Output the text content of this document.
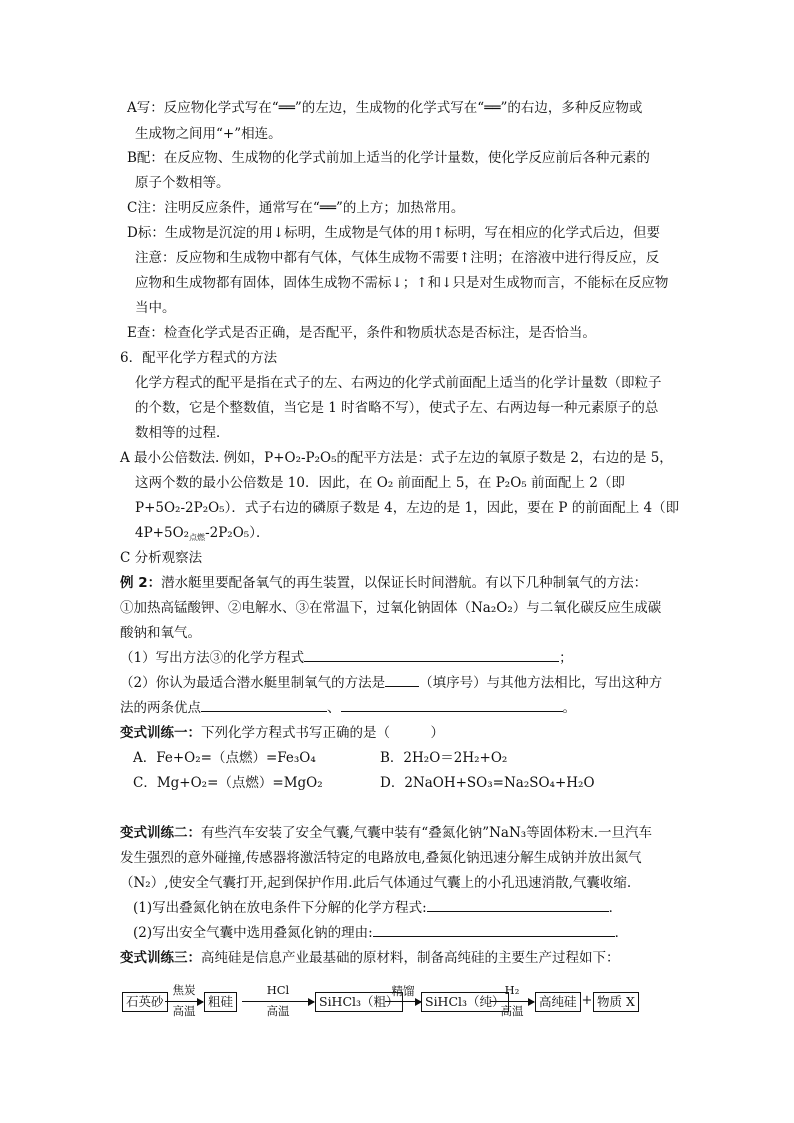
A写：反应物化学式写在“══”的左边，生成物的化学式写在“══”的右边，多种反应物或
生成物之间用“+”相连。
B配：在反应物、生成物的化学式前加上适当的化学计量数，使化学反应前后各种元素的
原子个数相等。
C注：注明反应条件，通常写在“══”的上方；加热常用。
D标：生成物是沉淀的用↓标明，生成物是气体的用↑标明，写在相应的化学式后边，但要
注意：反应物和生成物中都有气体，气体生成物不需要↑注明；在溶液中进行得反应，反
应物和生成物都有固体，固体生成物不需标↓；↑和↓只是对生成物而言，不能标在反应物
当中。
E查：检查化学式是否正确，是否配平，条件和物质状态是否标注，是否恰当。
6．配平化学方程式的方法
化学方程式的配平是指在式子的左、右两边的化学式前面配上适当的化学计量数（即粒子
的个数，它是个整数值，当它是 1 时省略不写），使式子左、右两边每一种元素原子的总
数相等的过程．
A 最小公倍数法. 例如，P+O₂-P₂O₅的配平方法是：式子左边的氧原子数是 2，右边的是 5，
这两个数的最小公倍数是 10．因此，在 O₂ 前面配上 5，在 P₂O₅ 前面配上 2（即
P+5O₂-2P₂O₅）．式子右边的磷原子数是 4，左边的是 1，因此，要在 P 的前面配上 4（即
$4P+5O_2_{点燃}-2P_2O_5$）．
C 分析观察法
例 2：潜水艇里要配备氧气的再生装置，以保证长时间潜航。有以下几种制氧气的方法：
①加热高锰酸钾、②电解水、③在常温下，过氧化钠固体（Na₂O₂）与二氧化碳反应生成碳
酸钠和氧气。
（1）写出方法③的化学方程式	；
（2）你认为最适合潜水艇里制氧气的方法是	（填序号）与其他方法相比，写出这种方
法的两条优点	、	。
变式训练一：下列化学方程式书写正确的是（　　　）
A．Fe+O₂=（点燃）=Fe₃O₄	B．2H₂O＝2H₂+O₂
C．Mg+O₂=（点燃）=MgO₂	D．2NaOH+SO₃=Na₂SO₄+H₂O
变式训练二：有些汽车安装了安全气囊,气囊中装有“叠氮化钠”NaN₃等固体粉末.一旦汽车
发生强烈的意外碰撞,传感器将激活特定的电路放电,叠氮化钠迅速分解生成钠并放出氮气
（N₂）,使安全气囊打开,起到保护作用.此后气体通过气囊上的小孔迅速消散,气囊收缩.
(1)写出叠氮化钠在放电条件下分解的化学方程式:	．
(2)写出安全气囊中选用叠氮化钠的理由:	．
变式训练三：高纯硅是信息产业最基础的原材料，制备高纯硅的主要生产过程如下：
石英砂
焦炭
高温
粗硅
HCl
高温
SiHCl₃（粗）
精馏
SiHCl₃（纯）
H₂
高温
高纯硅 + 物质 X
